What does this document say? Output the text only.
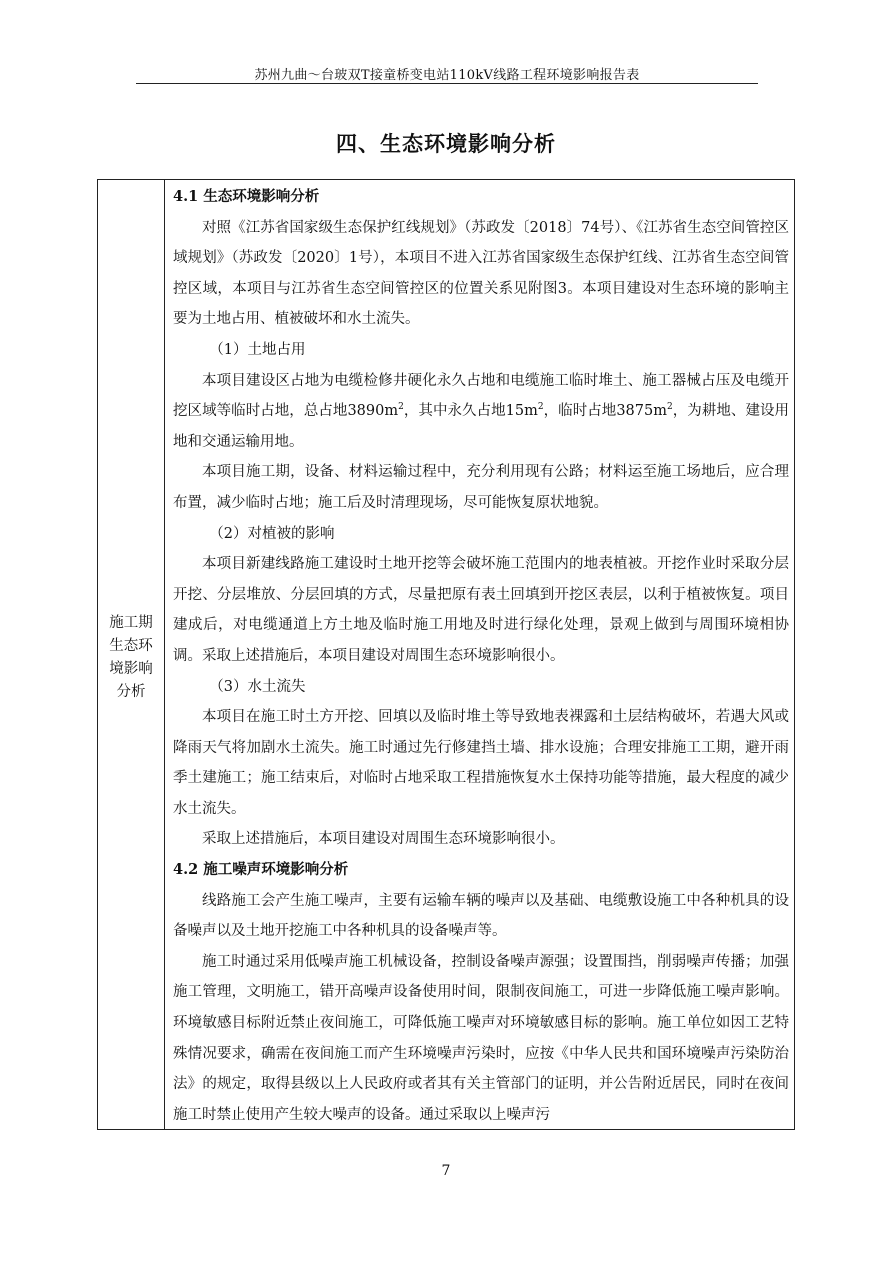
苏州九曲～台玻双T接童桥变电站110kV线路工程环境影响报告表
四、生态环境影响分析
施工期
生态环
境影响
分析

4.1 生态环境影响分析

对照《江苏省国家级生态保护红线规划》（苏政发〔2018〕74号）、《江苏省生态空间管控区域规划》（苏政发〔2020〕1号），本项目不进入江苏省国家级生态保护红线、江苏省生态空间管控区域，本项目与江苏省生态空间管控区的位置关系见附图3。本项目建设对生态环境的影响主要为土地占用、植被破坏和水土流失。

（1）土地占用

本项目建设区占地为电缆检修井硬化永久占地和电缆施工临时堆土、施工器械占压及电缆开挖区域等临时占地，总占地$3890m^2$，其中永久占地$15m^2$，临时占地$3875m^2$，为耕地、建设用地和交通运输用地。

本项目施工期，设备、材料运输过程中，充分利用现有公路；材料运至施工场地后，应合理布置，减少临时占地；施工后及时清理现场，尽可能恢复原状地貌。

（2）对植被的影响

本项目新建线路施工建设时土地开挖等会破坏施工范围内的地表植被。开挖作业时采取分层开挖、分层堆放、分层回填的方式，尽量把原有表土回填到开挖区表层，以利于植被恢复。项目建成后，对电缆通道上方土地及临时施工用地及时进行绿化处理，景观上做到与周围环境相协调。采取上述措施后，本项目建设对周围生态环境影响很小。

（3）水土流失

本项目在施工时土方开挖、回填以及临时堆土等导致地表裸露和土层结构破坏，若遇大风或降雨天气将加剧水土流失。施工时通过先行修建挡土墙、排水设施；合理安排施工工期，避开雨季土建施工；施工结束后，对临时占地采取工程措施恢复水土保持功能等措施，最大程度的减少水土流失。

采取上述措施后，本项目建设对周围生态环境影响很小。

4.2 施工噪声环境影响分析

线路施工会产生施工噪声，主要有运输车辆的噪声以及基础、电缆敷设施工中各种机具的设备噪声以及土地开挖施工中各种机具的设备噪声等。

施工时通过采用低噪声施工机械设备，控制设备噪声源强；设置围挡，削弱噪声传播；加强施工管理，文明施工，错开高噪声设备使用时间，限制夜间施工，可进一步降低施工噪声影响。环境敏感目标附近禁止夜间施工，可降低施工噪声对环境敏感目标的影响。施工单位如因工艺特殊情况要求，确需在夜间施工而产生环境噪声污染时，应按《中华人民共和国环境噪声污染防治法》的规定，取得县级以上人民政府或者其有关主管部门的证明，并公告附近居民，同时在夜间施工时禁止使用产生较大噪声的设备。通过采取以上噪声污

7
